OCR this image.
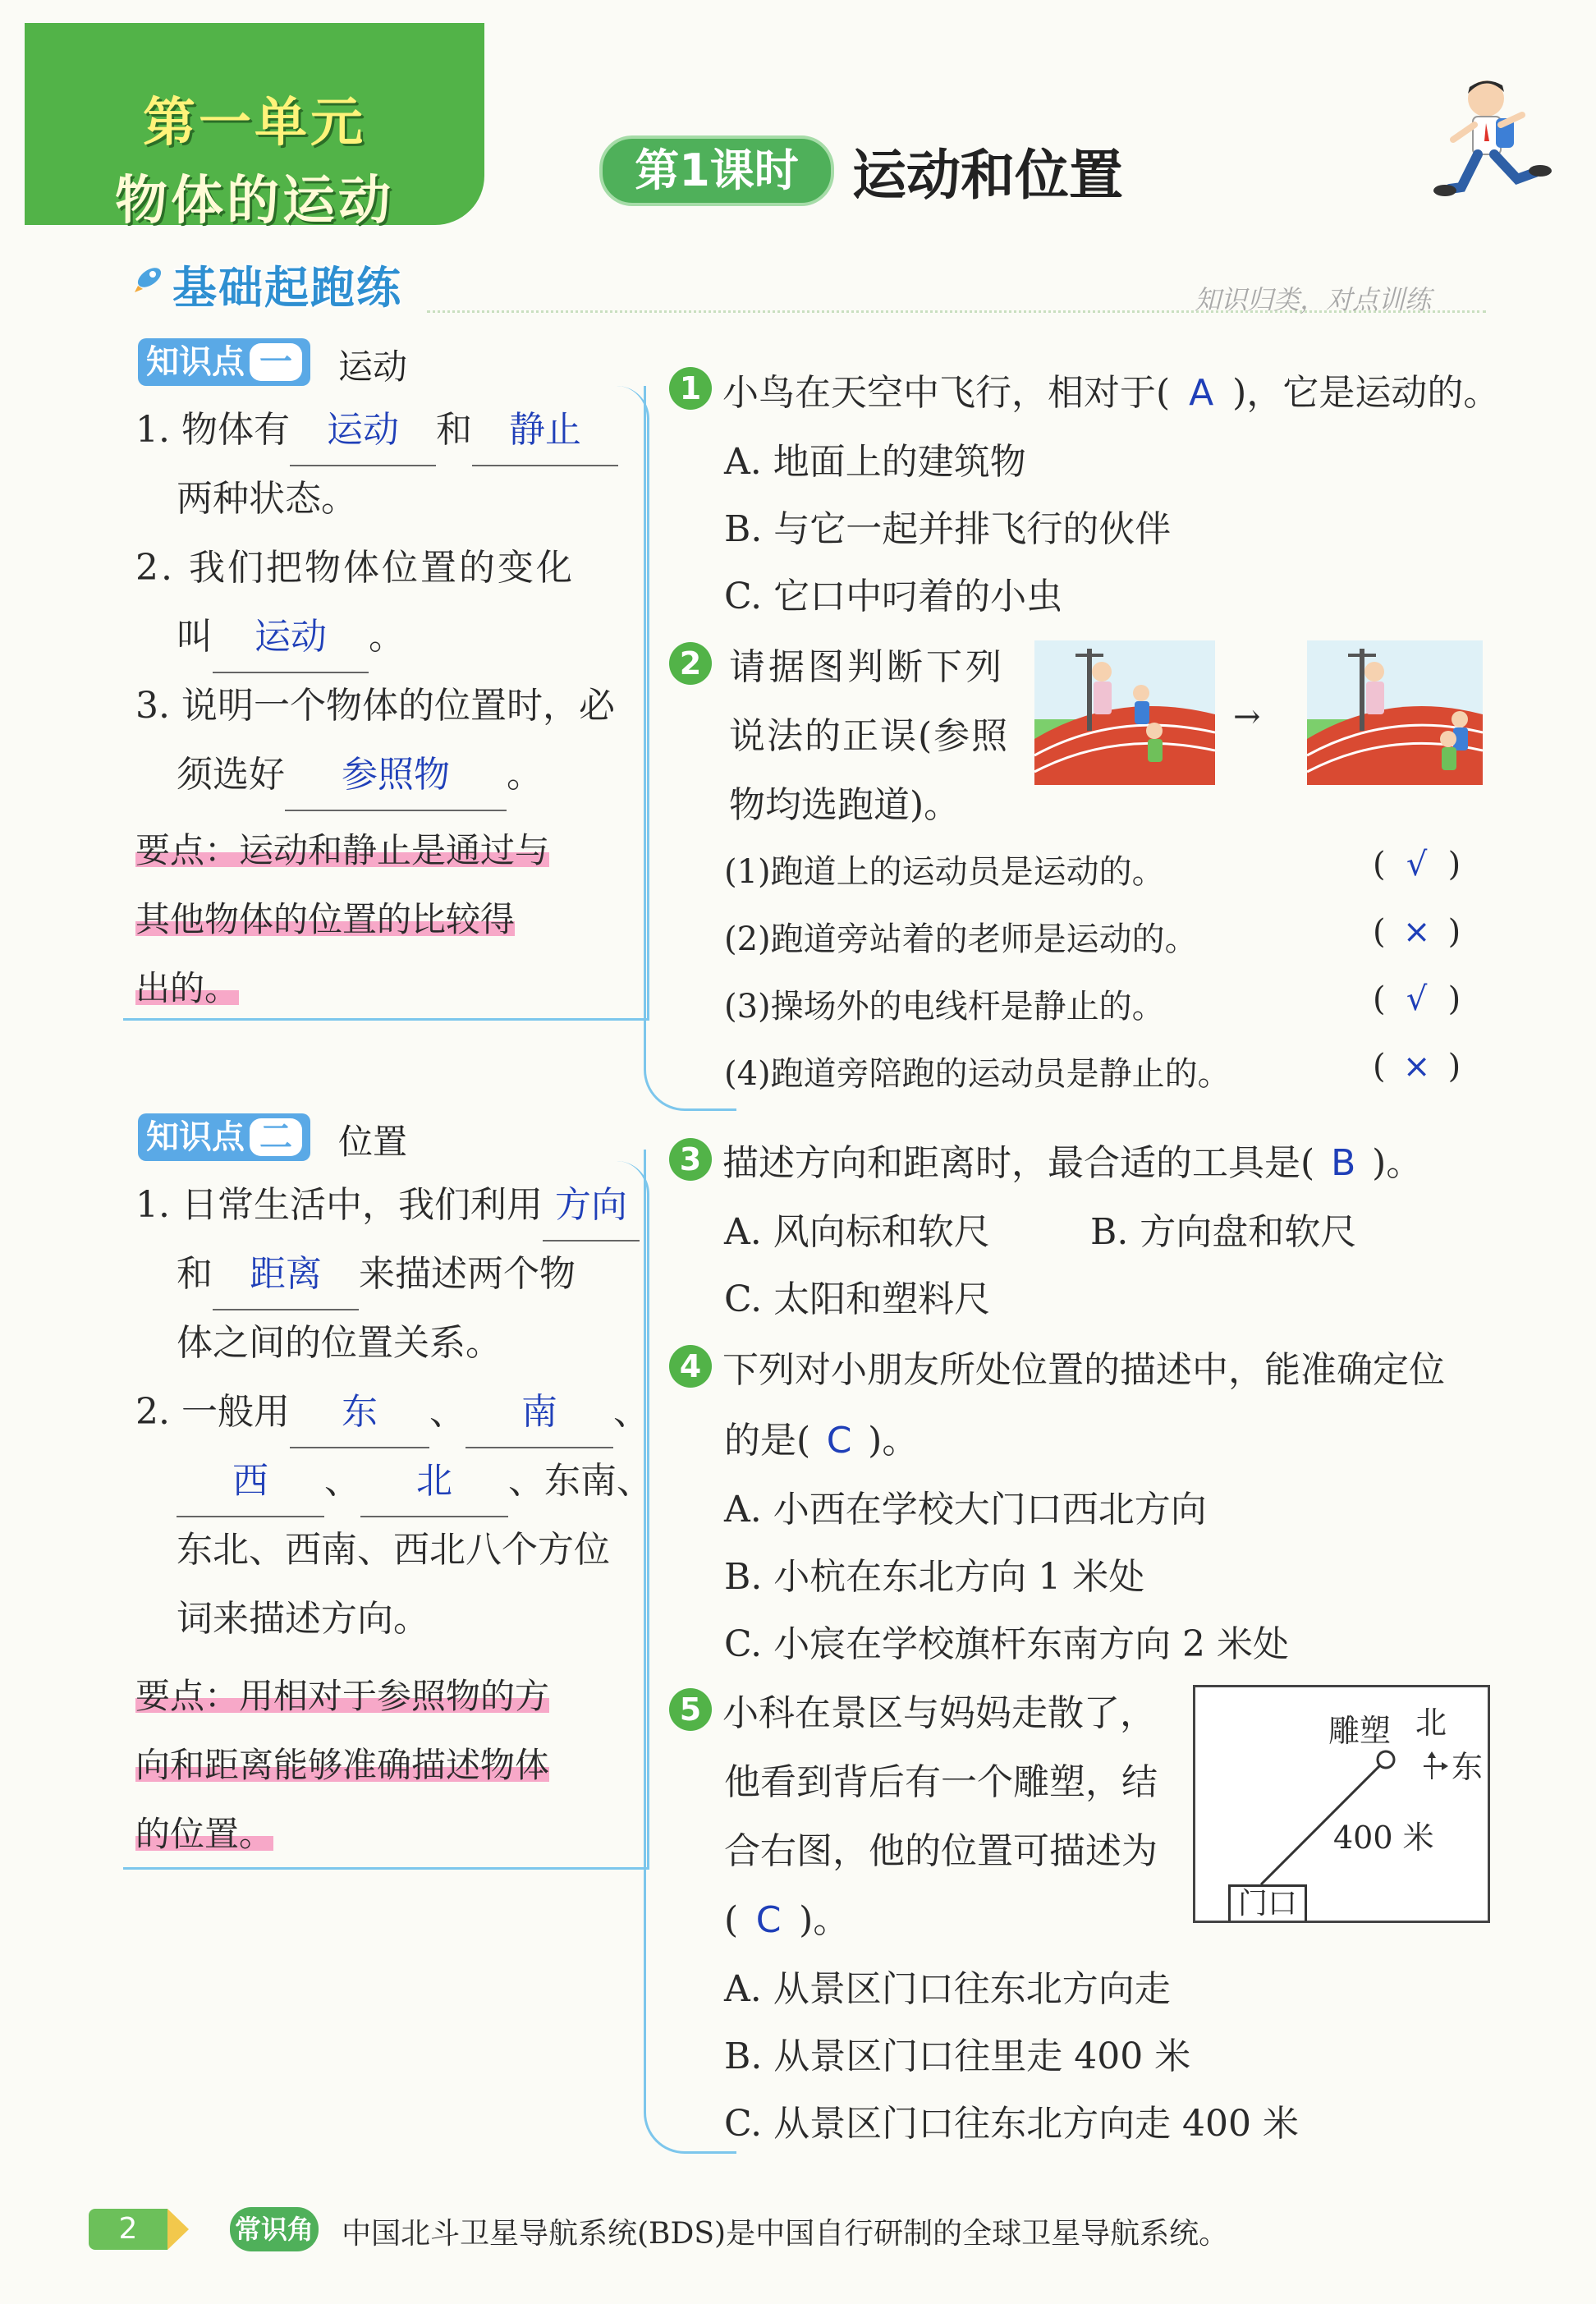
第一单元
物体的运动
第1课时 运动和位置
基础起跑练	知识归类，对点训练
知识点 一	运动
1. 物体有 运动 和 静止
两种状态。
2. 我们把物体位置的变化
叫 运动 。
3. 说明一个物体的位置时，必
须选好 参照物 。
要点：运动和静止是通过与
其他物体的位置的比较得
出的。
知识点 二	位置
1. 日常生活中，我们利用 方向
和 距离 来描述两个物
体之间的位置关系。
2. 一般用 东 、 南 、
西 、 北 、东南、
东北、西南、西北八个方位
词来描述方向。
要点：用相对于参照物的方
向和距离能够准确描述物体
的位置。
1 小鸟在天空中飞行，相对于( A )，它是运动的。
A. 地面上的建筑物
B. 与它一起并排飞行的伙伴
C. 它口中叼着的小虫
2 请据图判断下列
说法的正误(参照
物均选跑道)。
→
(1)跑道上的运动员是运动的。	( √ )
(2)跑道旁站着的老师是运动的。	( × )
(3)操场外的电线杆是静止的。	( √ )
(4)跑道旁陪跑的运动员是静止的。	( × )
3 描述方向和距离时，最合适的工具是( B )。
A. 风向标和软尺	B. 方向盘和软尺
C. 太阳和塑料尺
4 下列对小朋友所处位置的描述中，能准确定位
的是( C )。
A. 小西在学校大门口西北方向
B. 小杭在东北方向 1 米处
C. 小宸在学校旗杆东南方向 2 米处
5 小科在景区与妈妈走散了，
他看到背后有一个雕塑，结
合右图，他的位置可描述为
( C )。	门口
雕塑 北
东
400 米
A. 从景区门口往东北方向走
B. 从景区门口往里走 400 米
C. 从景区门口往东北方向走 400 米
2	常识角 中国北斗卫星导航系统(BDS)是中国自行研制的全球卫星导航系统。
